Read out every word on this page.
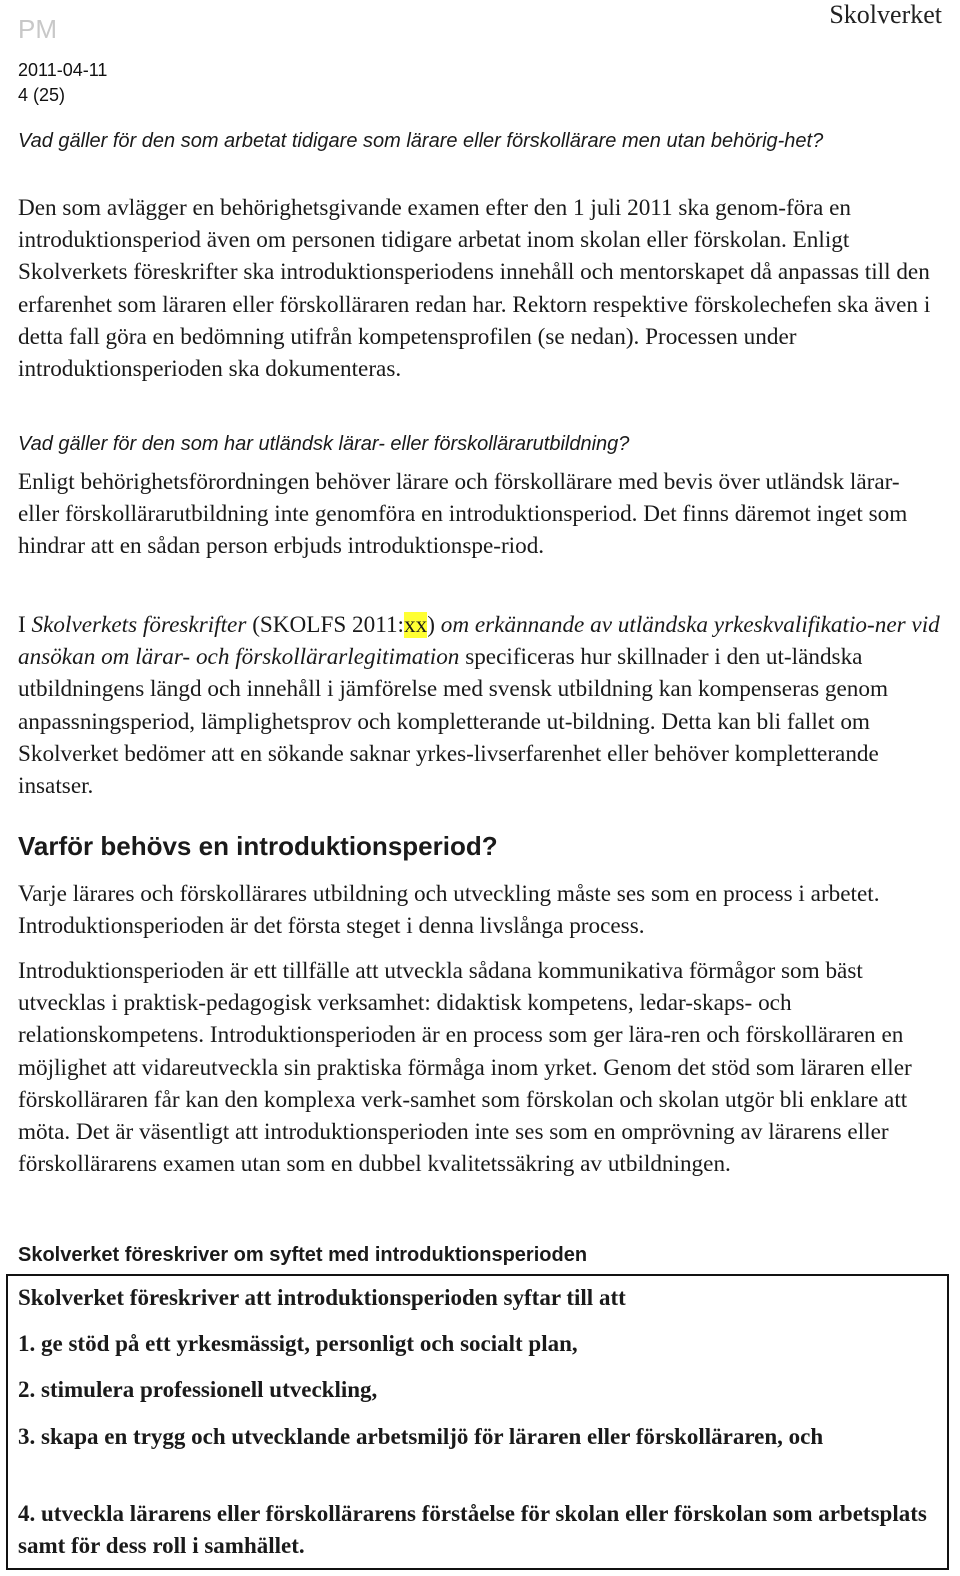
PM	Skolverket
2011-04-11
4 (25)
Vad gäller för den som arbetat tidigare som lärare eller förskollärare men utan behörig-het?

Den som avlägger en behörighetsgivande examen efter den 1 juli 2011 ska genom-föra en introduktionsperiod även om personen tidigare arbetat inom skolan eller förskolan. Enligt Skolverkets föreskrifter ska introduktionsperiodens innehåll och mentorskapet då anpassas till den erfarenhet som läraren eller förskolläraren redan har. Rektorn respektive förskolechefen ska även i detta fall göra en bedömning utifrån kompetensprofilen (se nedan). Processen under introduktionsperioden ska dokumenteras.

Vad gäller för den som har utländsk lärar- eller förskollärarutbildning?

Enligt behörighetsförordningen behöver lärare och förskollärare med bevis över utländsk lärar- eller förskollärarutbildning inte genomföra en introduktionsperiod. Det finns däremot inget som hindrar att en sådan person erbjuds introduktionspe-riod.

I Skolverkets föreskrifter (SKOLFS 2011:xx) om erkännande av utländska yrkeskvalifikatio-ner vid ansökan om lärar- och förskollärarlegitimation specificeras hur skillnader i den ut-ländska utbildningens längd och innehåll i jämförelse med svensk utbildning kan kompenseras genom anpassningsperiod, lämplighetsprov och kompletterande ut-bildning. Detta kan bli fallet om Skolverket bedömer att en sökande saknar yrkes-livserfarenhet eller behöver kompletterande insatser.

Varför behövs en introduktionsperiod?

Varje lärares och förskollärares utbildning och utveckling måste ses som en process i arbetet. Introduktionsperioden är det första steget i denna livslånga process.

Introduktionsperioden är ett tillfälle att utveckla sådana kommunikativa förmågor som bäst utvecklas i praktisk-pedagogisk verksamhet: didaktisk kompetens, ledar-skaps- och relationskompetens. Introduktionsperioden är en process som ger lära-ren och förskolläraren en möjlighet att vidareutveckla sin praktiska förmåga inom yrket. Genom det stöd som läraren eller förskolläraren får kan den komplexa verk-samhet som förskolan och skolan utgör bli enklare att möta. Det är väsentligt att introduktionsperioden inte ses som en omprövning av lärarens eller förskollärarens examen utan som en dubbel kvalitetssäkring av utbildningen.

Skolverket föreskriver om syftet med introduktionsperioden
Skolverket föreskriver att introduktionsperioden syftar till att
1. ge stöd på ett yrkesmässigt, personligt och socialt plan,
2. stimulera professionell utveckling,
3. skapa en trygg och utvecklande arbetsmiljö för läraren eller förskolläraren, och
4. utveckla lärarens eller förskollärarens förståelse för skolan eller förskolan som arbetsplats samt för dess roll i samhället.
